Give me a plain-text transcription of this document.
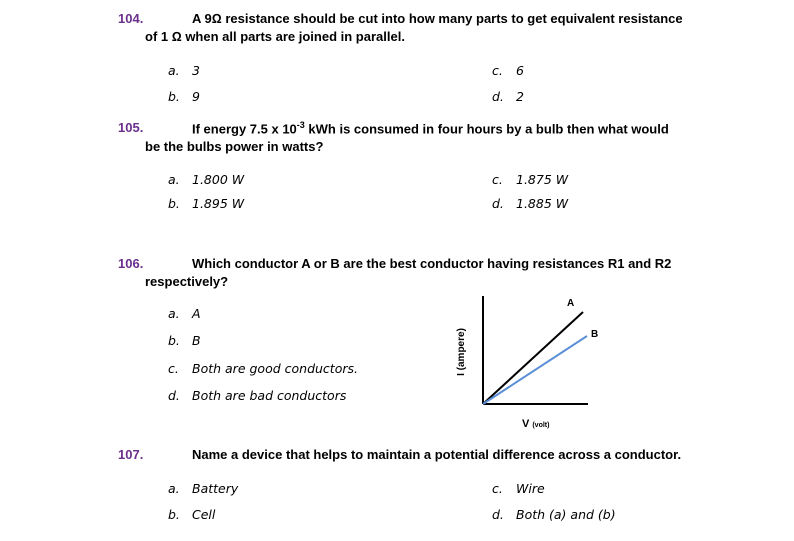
104.	A 9Ω resistance should be cut into how many parts to get equivalent resistance
of 1 Ω when all parts are joined in parallel.
a. 3
b. 9
c. 6
d. 2
105.	If energy 7.5 x $10^{-3}$ kWh is consumed in four hours by a bulb then what would
be the bulbs power in watts?
a. 1.800 W
b. 1.895 W
c. 1.875 W
d. 1.885 W
106.	Which conductor A or B are the best conductor having resistances R1 and R2
respectively?
a. A
b. B
c. Both are good conductors.
d. Both are bad conductors
A
B
I (ampere)
V (volt)
107.	Name a device that helps to maintain a potential difference across a conductor.
a. Battery
b. Cell
c. Wire
d. Both (a) and (b)
